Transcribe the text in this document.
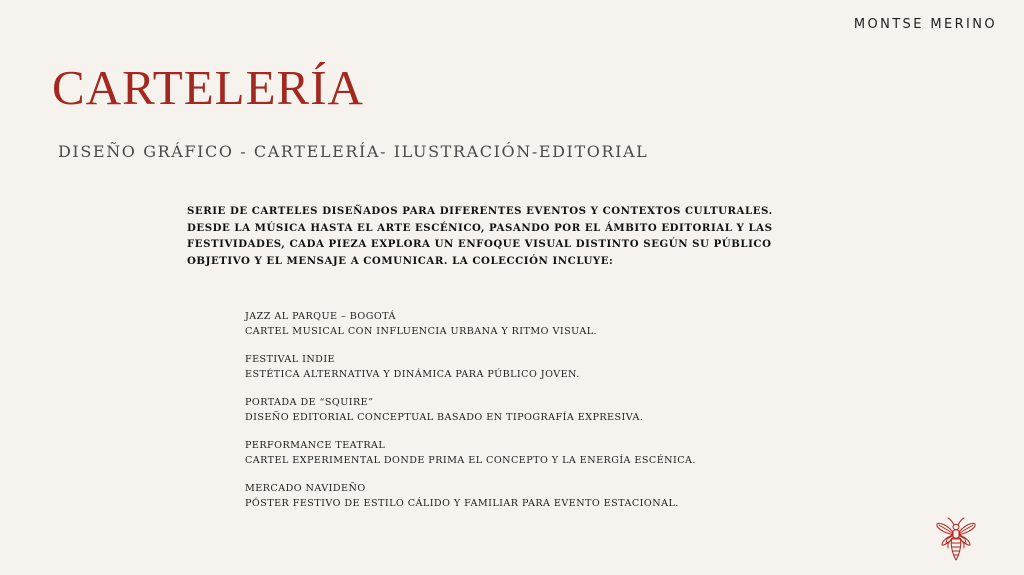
MONTSE MERINO
CARTELERÍA
DISEÑO GRÁFICO - CARTELERÍA- ILUSTRACIÓN-EDITORIAL
SERIE DE CARTELES DISEÑADOS PARA DIFERENTES EVENTOS Y CONTEXTOS CULTURALES.
DESDE LA MÚSICA HASTA EL ARTE ESCÉNICO, PASANDO POR EL ÁMBITO EDITORIAL Y LAS
FESTIVIDADES, CADA PIEZA EXPLORA UN ENFOQUE VISUAL DISTINTO SEGÚN SU PÚBLICO
OBJETIVO Y EL MENSAJE A COMUNICAR. LA COLECCIÓN INCLUYE:
JAZZ AL PARQUE – BOGOTÁ
CARTEL MUSICAL CON INFLUENCIA URBANA Y RITMO VISUAL.
FESTIVAL INDIE
ESTÉTICA ALTERNATIVA Y DINÁMICA PARA PÚBLICO JOVEN.
PORTADA DE “SQUIRE”
DISEÑO EDITORIAL CONCEPTUAL BASADO EN TIPOGRAFÍA EXPRESIVA.
PERFORMANCE TEATRAL
CARTEL EXPERIMENTAL DONDE PRIMA EL CONCEPTO Y LA ENERGÍA ESCÉNICA.
MERCADO NAVIDEÑO
PÓSTER FESTIVO DE ESTILO CÁLIDO Y FAMILIAR PARA EVENTO ESTACIONAL.
